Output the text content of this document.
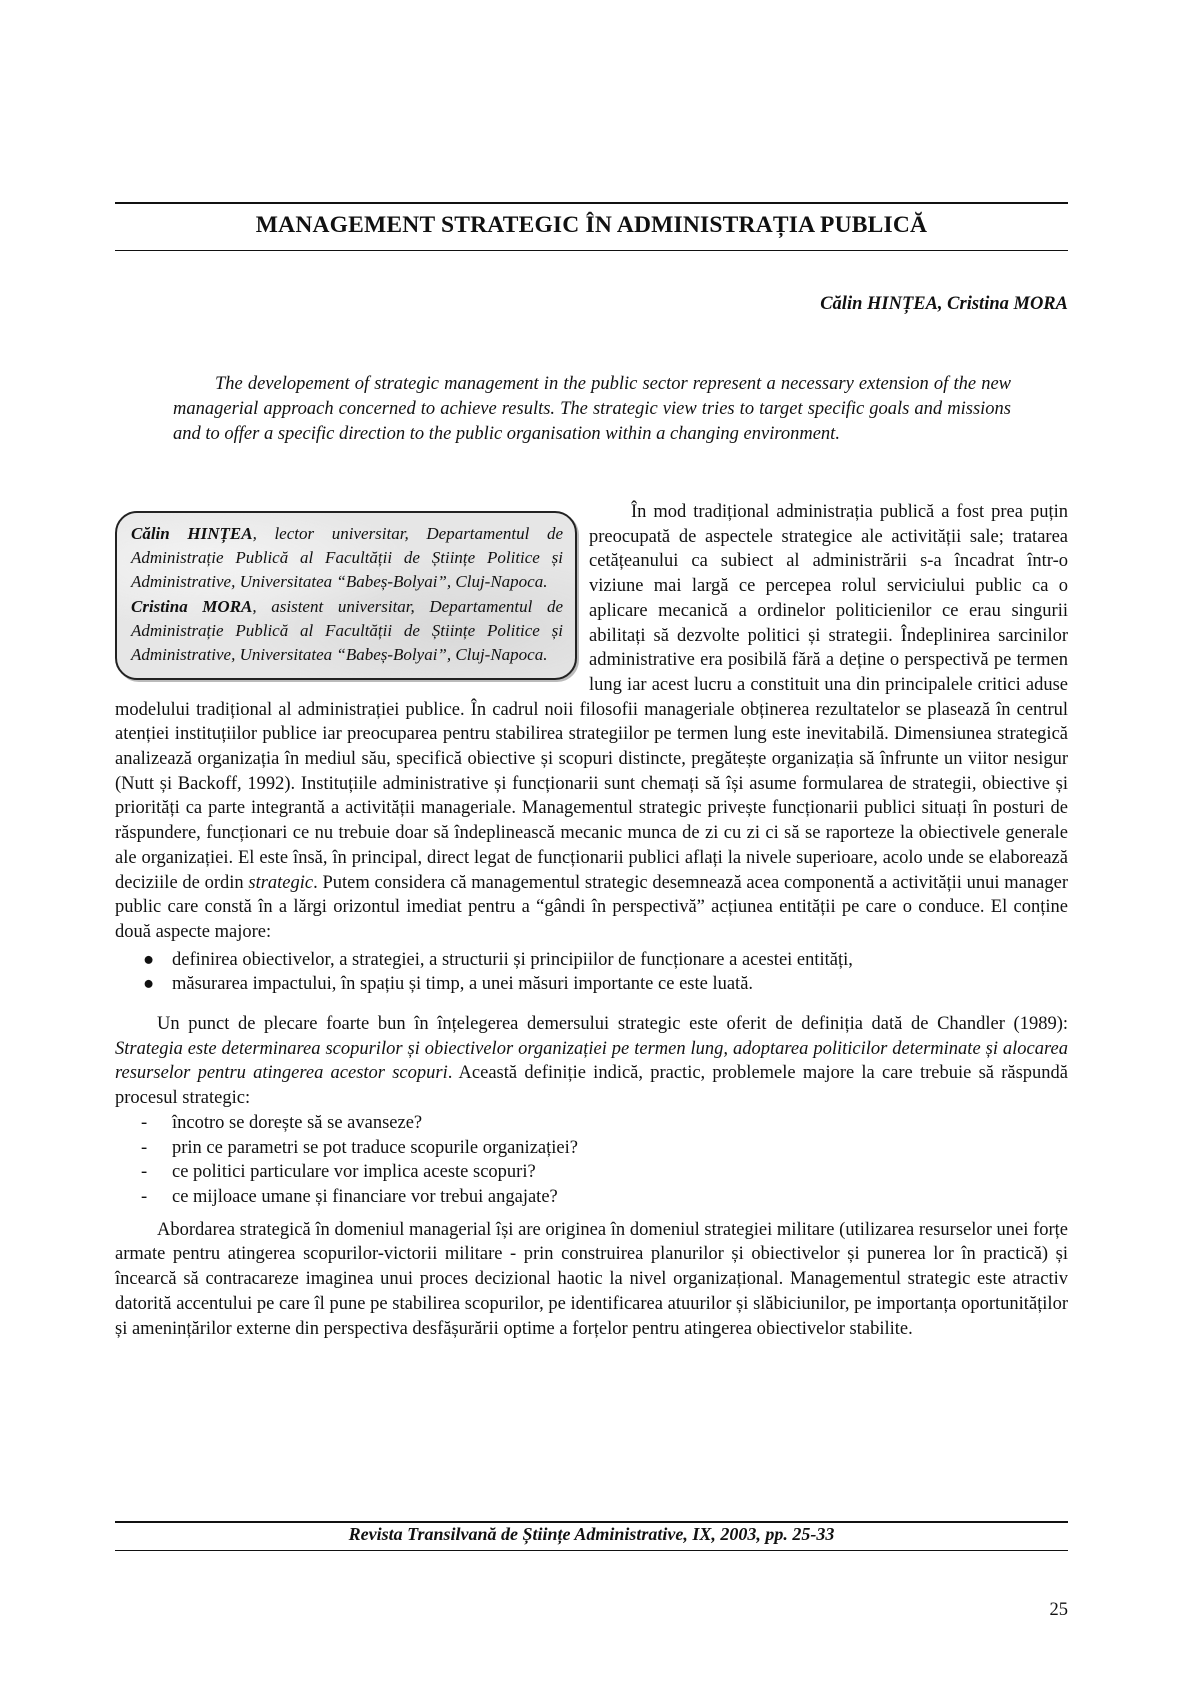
MANAGEMENT STRATEGIC ÎN ADMINISTRAȚIA PUBLICĂ
Călin HINȚEA, Cristina MORA

The developement of strategic management in the public sector represent a necessary extension of the new managerial approach concerned to achieve results. The strategic view tries to target specific goals and missions and to offer a specific direction to the public organisation within a changing environment.

Călin HINȚEA, lector universitar, Departamentul de Administrație Publică al Facultății de Științe Politice și Administrative, Universitatea “Babeș-Bolyai”, Cluj-Napoca.
Cristina MORA, asistent universitar, Departamentul de Administrație Publică al Facultății de Științe Politice și Administrative, Universitatea “Babeș-Bolyai”, Cluj-Napoca.

În mod tradițional administrația publică a fost prea puțin preocupată de aspectele strategice ale activității sale; tratarea cetățeanului ca subiect al administrării s-a încadrat într-o viziune mai largă ce percepea rolul serviciului public ca o aplicare mecanică a ordinelor politicienilor ce erau singurii abilitați să dezvolte politici și strategii. Îndeplinirea sarcinilor administrative era posibilă fără a deține o perspectivă pe termen lung iar acest lucru a constituit una din principalele critici aduse modelului tradițional al administrației publice. În cadrul noii filosofii manageriale obținerea rezultatelor se plasează în centrul atenției instituțiilor publice iar preocuparea pentru stabilirea strategiilor pe termen lung este inevitabilă. Dimensiunea strategică analizează organizația în mediul său, specifică obiective și scopuri distincte, pregătește organizația să înfrunte un viitor nesigur (Nutt și Backoff, 1992). Instituțiile administrative și funcționarii sunt chemați să își asume formularea de strategii, obiective și priorități ca parte integrantă a activității manageriale. Managementul strategic privește funcționarii publici situați în posturi de răspundere, funcționari ce nu trebuie doar să îndeplinească mecanic munca de zi cu zi ci să se raporteze la obiectivele generale ale organizației. El este însă, în principal, direct legat de funcționarii publici aflați la nivele superioare, acolo unde se elaborează deciziile de ordin strategic. Putem considera că managementul strategic desemnează acea componentă a activității unui manager public care constă în a lărgi orizontul imediat pentru a “gândi în perspectivă” acțiunea entității pe care o conduce. El conține două aspecte majore:

● definirea obiectivelor, a strategiei, a structurii și principiilor de funcționare a acestei entități,
● măsurarea impactului, în spațiu și timp, a unei măsuri importante ce este luată.

Un punct de plecare foarte bun în înțelegerea demersului strategic este oferit de definiția dată de Chandler (1989): Strategia este determinarea scopurilor și obiectivelor organizației pe termen lung, adoptarea politicilor determinate și alocarea resurselor pentru atingerea acestor scopuri. Această definiție indică, practic, problemele majore la care trebuie să răspundă procesul strategic:

- încotro se dorește să se avanseze?
- prin ce parametri se pot traduce scopurile organizației?
- ce politici particulare vor implica aceste scopuri?
- ce mijloace umane și financiare vor trebui angajate?

Abordarea strategică în domeniul managerial își are originea în domeniul strategiei militare (utilizarea resurselor unei forțe armate pentru atingerea scopurilor-victorii militare - prin construirea planurilor și obiectivelor și punerea lor în practică) și încearcă să contracareze imaginea unui proces decizional haotic la nivel organizațional. Managementul strategic este atractiv datorită accentului pe care îl pune pe stabilirea scopurilor, pe identificarea atuurilor și slăbiciunilor, pe importanța oportunităților și amenințărilor externe din perspectiva desfășurării optime a forțelor pentru atingerea obiectivelor stabilite.

Revista Transilvană de Științe Administrative, IX, 2003, pp. 25-33
25
